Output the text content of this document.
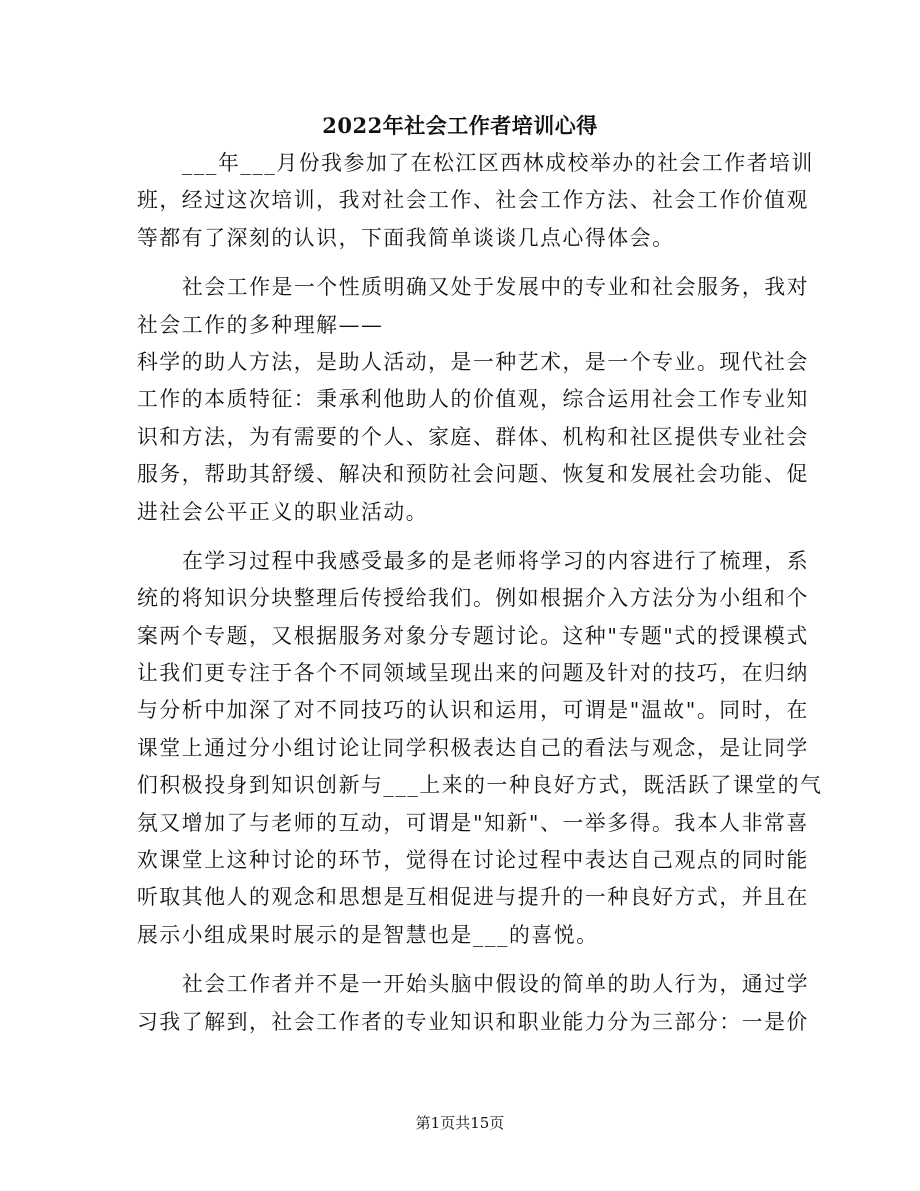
2022年社会工作者培训心得
___年___月份我参加了在松江区西林成校举办的社会工作者培训
班，经过这次培训，我对社会工作、社会工作方法、社会工作价值观
等都有了深刻的认识，下面我简单谈谈几点心得体会。
社会工作是一个性质明确又处于发展中的专业和社会服务，我对
社会工作的多种理解——
科学的助人方法，是助人活动，是一种艺术，是一个专业。现代社会
工作的本质特征：秉承利他助人的价值观，综合运用社会工作专业知
识和方法，为有需要的个人、家庭、群体、机构和社区提供专业社会
服务，帮助其舒缓、解决和预防社会问题、恢复和发展社会功能、促
进社会公平正义的职业活动。
在学习过程中我感受最多的是老师将学习的内容进行了梳理，系
统的将知识分块整理后传授给我们。例如根据介入方法分为小组和个
案两个专题，又根据服务对象分专题讨论。这种"专题"式的授课模式
让我们更专注于各个不同领域呈现出来的问题及针对的技巧，在归纳
与分析中加深了对不同技巧的认识和运用，可谓是"温故"。同时，在
课堂上通过分小组讨论让同学积极表达自己的看法与观念，是让同学
们积极投身到知识创新与___上来的一种良好方式，既活跃了课堂的气
氛又增加了与老师的互动，可谓是"知新"、一举多得。我本人非常喜
欢课堂上这种讨论的环节，觉得在讨论过程中表达自己观点的同时能
听取其他人的观念和思想是互相促进与提升的一种良好方式，并且在
展示小组成果时展示的是智慧也是___的喜悦。
社会工作者并不是一开始头脑中假设的简单的助人行为，通过学
习我了解到，社会工作者的专业知识和职业能力分为三部分：一是价
第1页共15页
